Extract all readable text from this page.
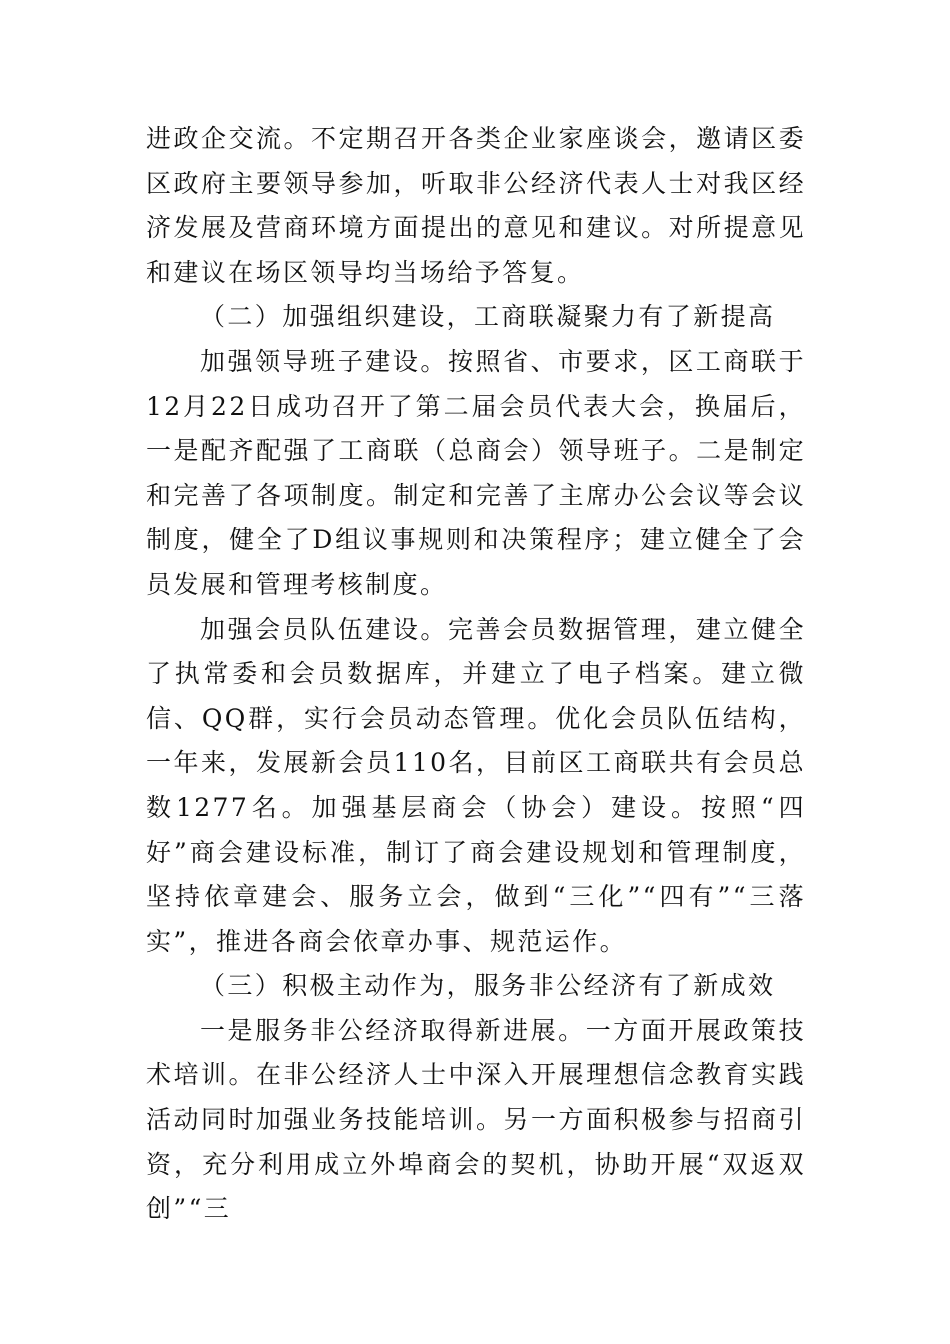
进政企交流。不定期召开各类企业家座谈会，邀请区委区政府主要领导参加，听取非公经济代表人士对我区经济发展及营商环境方面提出的意见和建议。对所提意见和建议在场区领导均当场给予答复。

（二）加强组织建设，工商联凝聚力有了新提高

加强领导班子建设。按照省、市要求，区工商联于12月22日成功召开了第二届会员代表大会，换届后，一是配齐配强了工商联（总商会）领导班子。二是制定和完善了各项制度。制定和完善了主席办公会议等会议制度，健全了D组议事规则和决策程序；建立健全了会员发展和管理考核制度。

加强会员队伍建设。完善会员数据管理，建立健全了执常委和会员数据库，并建立了电子档案。建立微信、QQ群，实行会员动态管理。优化会员队伍结构，一年来，发展新会员110名，目前区工商联共有会员总数1277名。加强基层商会（协会）建设。按照“四好”商会建设标准，制订了商会建设规划和管理制度，坚持依章建会、服务立会，做到“三化”“四有”“三落实”，推进各商会依章办事、规范运作。

（三）积极主动作为，服务非公经济有了新成效

一是服务非公经济取得新进展。一方面开展政策技术培训。在非公经济人士中深入开展理想信念教育实践活动同时加强业务技能培训。另一方面积极参与招商引资，充分利用成立外埠商会的契机，协助开展“双返双创”“三
